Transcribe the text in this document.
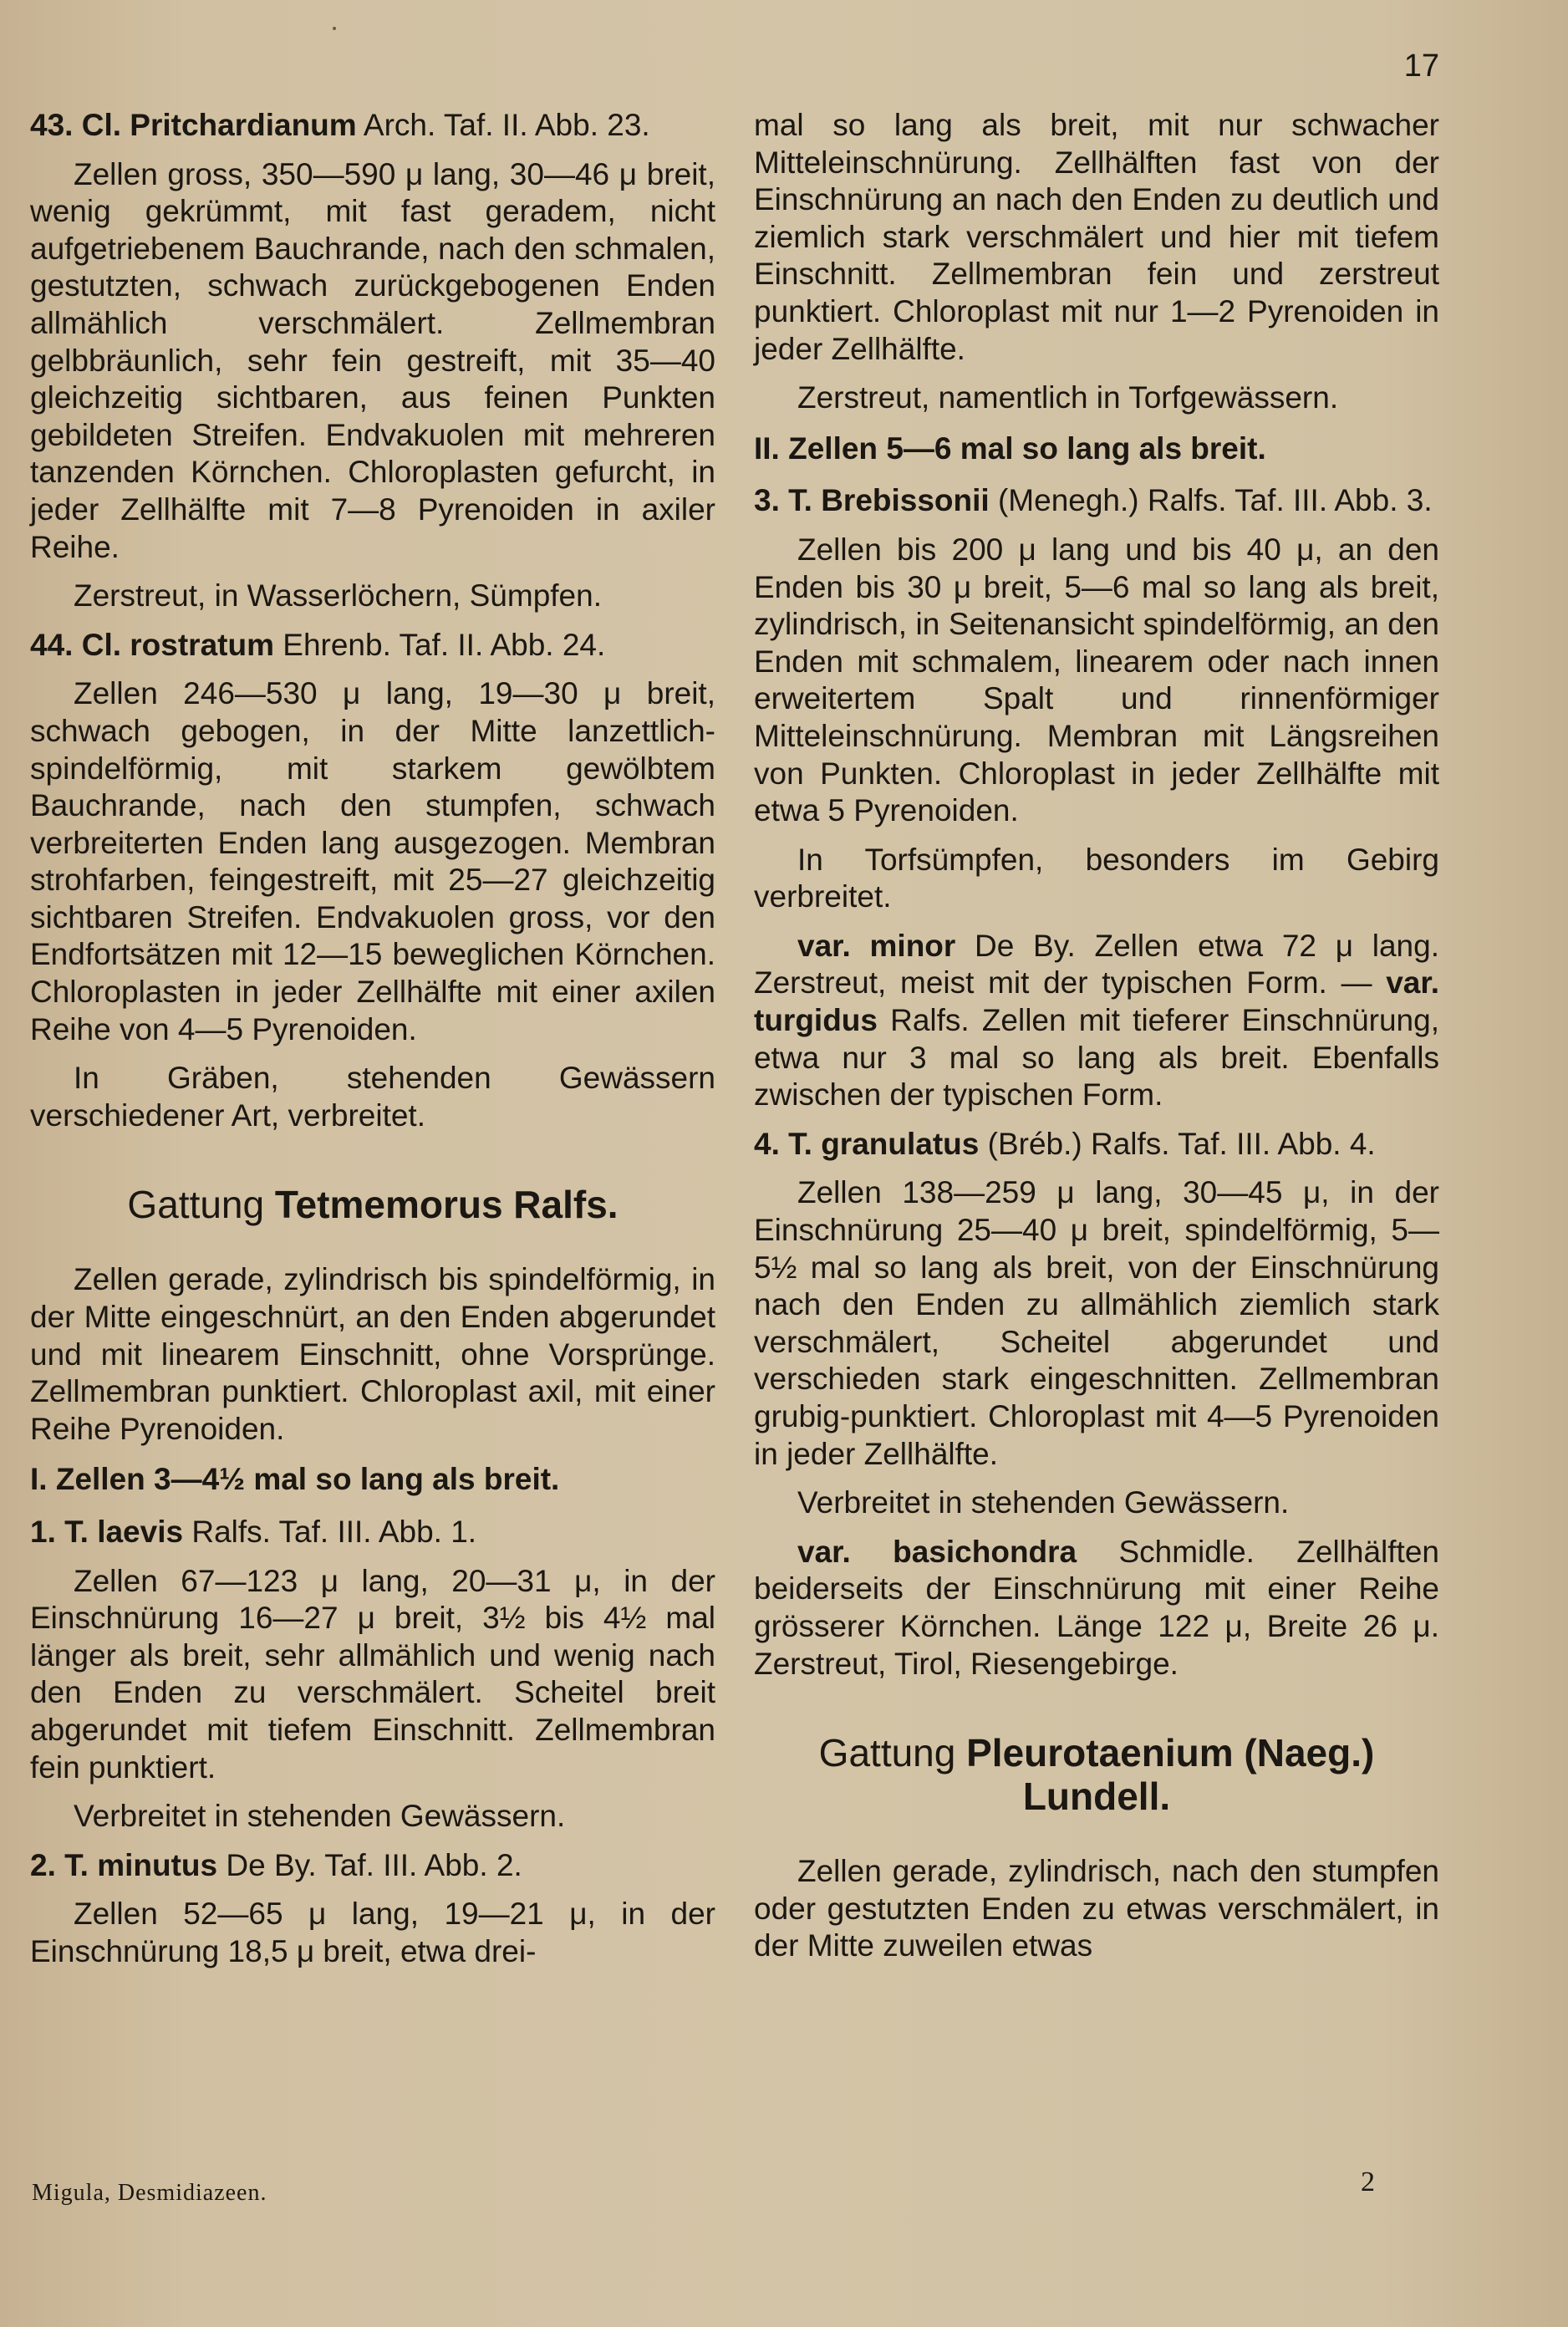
17

43. Cl. Pritchardianum Arch. Taf. II. Abb. 23.

Zellen gross, 350—590 μ lang, 30—46 μ breit, wenig gekrümmt, mit fast geradem, nicht aufgetriebenem Bauchrande, nach den schmalen, gestutzten, schwach zurückgebogenen Enden allmählich verschmälert. Zellmembran gelbbräunlich, sehr fein gestreift, mit 35—40 gleichzeitig sichtbaren, aus feinen Punkten gebildeten Streifen. Endvakuolen mit mehreren tanzenden Körnchen. Chloroplasten gefurcht, in jeder Zellhälfte mit 7—8 Pyrenoiden in axiler Reihe.

Zerstreut, in Wasserlöchern, Sümpfen.

44. Cl. rostratum Ehrenb. Taf. II. Abb. 24.

Zellen 246—530 μ lang, 19—30 μ breit, schwach gebogen, in der Mitte lanzettlich-spindelförmig, mit starkem gewölbtem Bauchrande, nach den stumpfen, schwach verbreiterten Enden lang ausgezogen. Membran strohfarben, feingestreift, mit 25—27 gleichzeitig sichtbaren Streifen. Endvakuolen gross, vor den Endfortsätzen mit 12—15 beweglichen Körnchen. Chloroplasten in jeder Zellhälfte mit einer axilen Reihe von 4—5 Pyrenoiden.

In Gräben, stehenden Gewässern verschiedener Art, verbreitet.

Gattung Tetmemorus Ralfs.

Zellen gerade, zylindrisch bis spindelförmig, in der Mitte eingeschnürt, an den Enden abgerundet und mit linearem Einschnitt, ohne Vorsprünge. Zellmembran punktiert. Chloroplast axil, mit einer Reihe Pyrenoiden.

I. Zellen 3—4½ mal so lang als breit.

1. T. laevis Ralfs. Taf. III. Abb. 1.

Zellen 67—123 μ lang, 20—31 μ, in der Einschnürung 16—27 μ breit, 3½ bis 4½ mal länger als breit, sehr allmählich und wenig nach den Enden zu verschmälert. Scheitel breit abgerundet mit tiefem Einschnitt. Zellmembran fein punktiert.

Verbreitet in stehenden Gewässern.

2. T. minutus De By. Taf. III. Abb. 2.

Zellen 52—65 μ lang, 19—21 μ, in der Einschnürung 18,5 μ breit, etwa drei-

mal so lang als breit, mit nur schwacher Mitteleinschnürung. Zellhälften fast von der Einschnürung an nach den Enden zu deutlich und ziemlich stark verschmälert und hier mit tiefem Einschnitt. Zellmembran fein und zerstreut punktiert. Chloroplast mit nur 1—2 Pyrenoiden in jeder Zellhälfte.

Zerstreut, namentlich in Torfgewässern.

II. Zellen 5—6 mal so lang als breit.

3. T. Brebissonii (Menegh.) Ralfs. Taf. III. Abb. 3.

Zellen bis 200 μ lang und bis 40 μ, an den Enden bis 30 μ breit, 5—6 mal so lang als breit, zylindrisch, in Seitenansicht spindelförmig, an den Enden mit schmalem, linearem oder nach innen erweitertem Spalt und rinnenförmiger Mitteleinschnürung. Membran mit Längsreihen von Punkten. Chloroplast in jeder Zellhälfte mit etwa 5 Pyrenoiden.

In Torfsümpfen, besonders im Gebirg verbreitet.

var. minor De By. Zellen etwa 72 μ lang. Zerstreut, meist mit der typischen Form. — var. turgidus Ralfs. Zellen mit tieferer Einschnürung, etwa nur 3 mal so lang als breit. Ebenfalls zwischen der typischen Form.

4. T. granulatus (Bréb.) Ralfs. Taf. III. Abb. 4.

Zellen 138—259 μ lang, 30—45 μ, in der Einschnürung 25—40 μ breit, spindelförmig, 5—5½ mal so lang als breit, von der Einschnürung nach den Enden zu allmählich ziemlich stark verschmälert, Scheitel abgerundet und verschieden stark eingeschnitten. Zellmembran grubig-punktiert. Chloroplast mit 4—5 Pyrenoiden in jeder Zellhälfte.

Verbreitet in stehenden Gewässern.

var. basichondra Schmidle. Zellhälften beiderseits der Einschnürung mit einer Reihe grösserer Körnchen. Länge 122 μ, Breite 26 μ. Zerstreut, Tirol, Riesengebirge.

Gattung Pleurotaenium (Naeg.) Lundell.

Zellen gerade, zylindrisch, nach den stumpfen oder gestutzten Enden zu etwas verschmälert, in der Mitte zuweilen etwas

Migula, Desmidiazeen.	2
